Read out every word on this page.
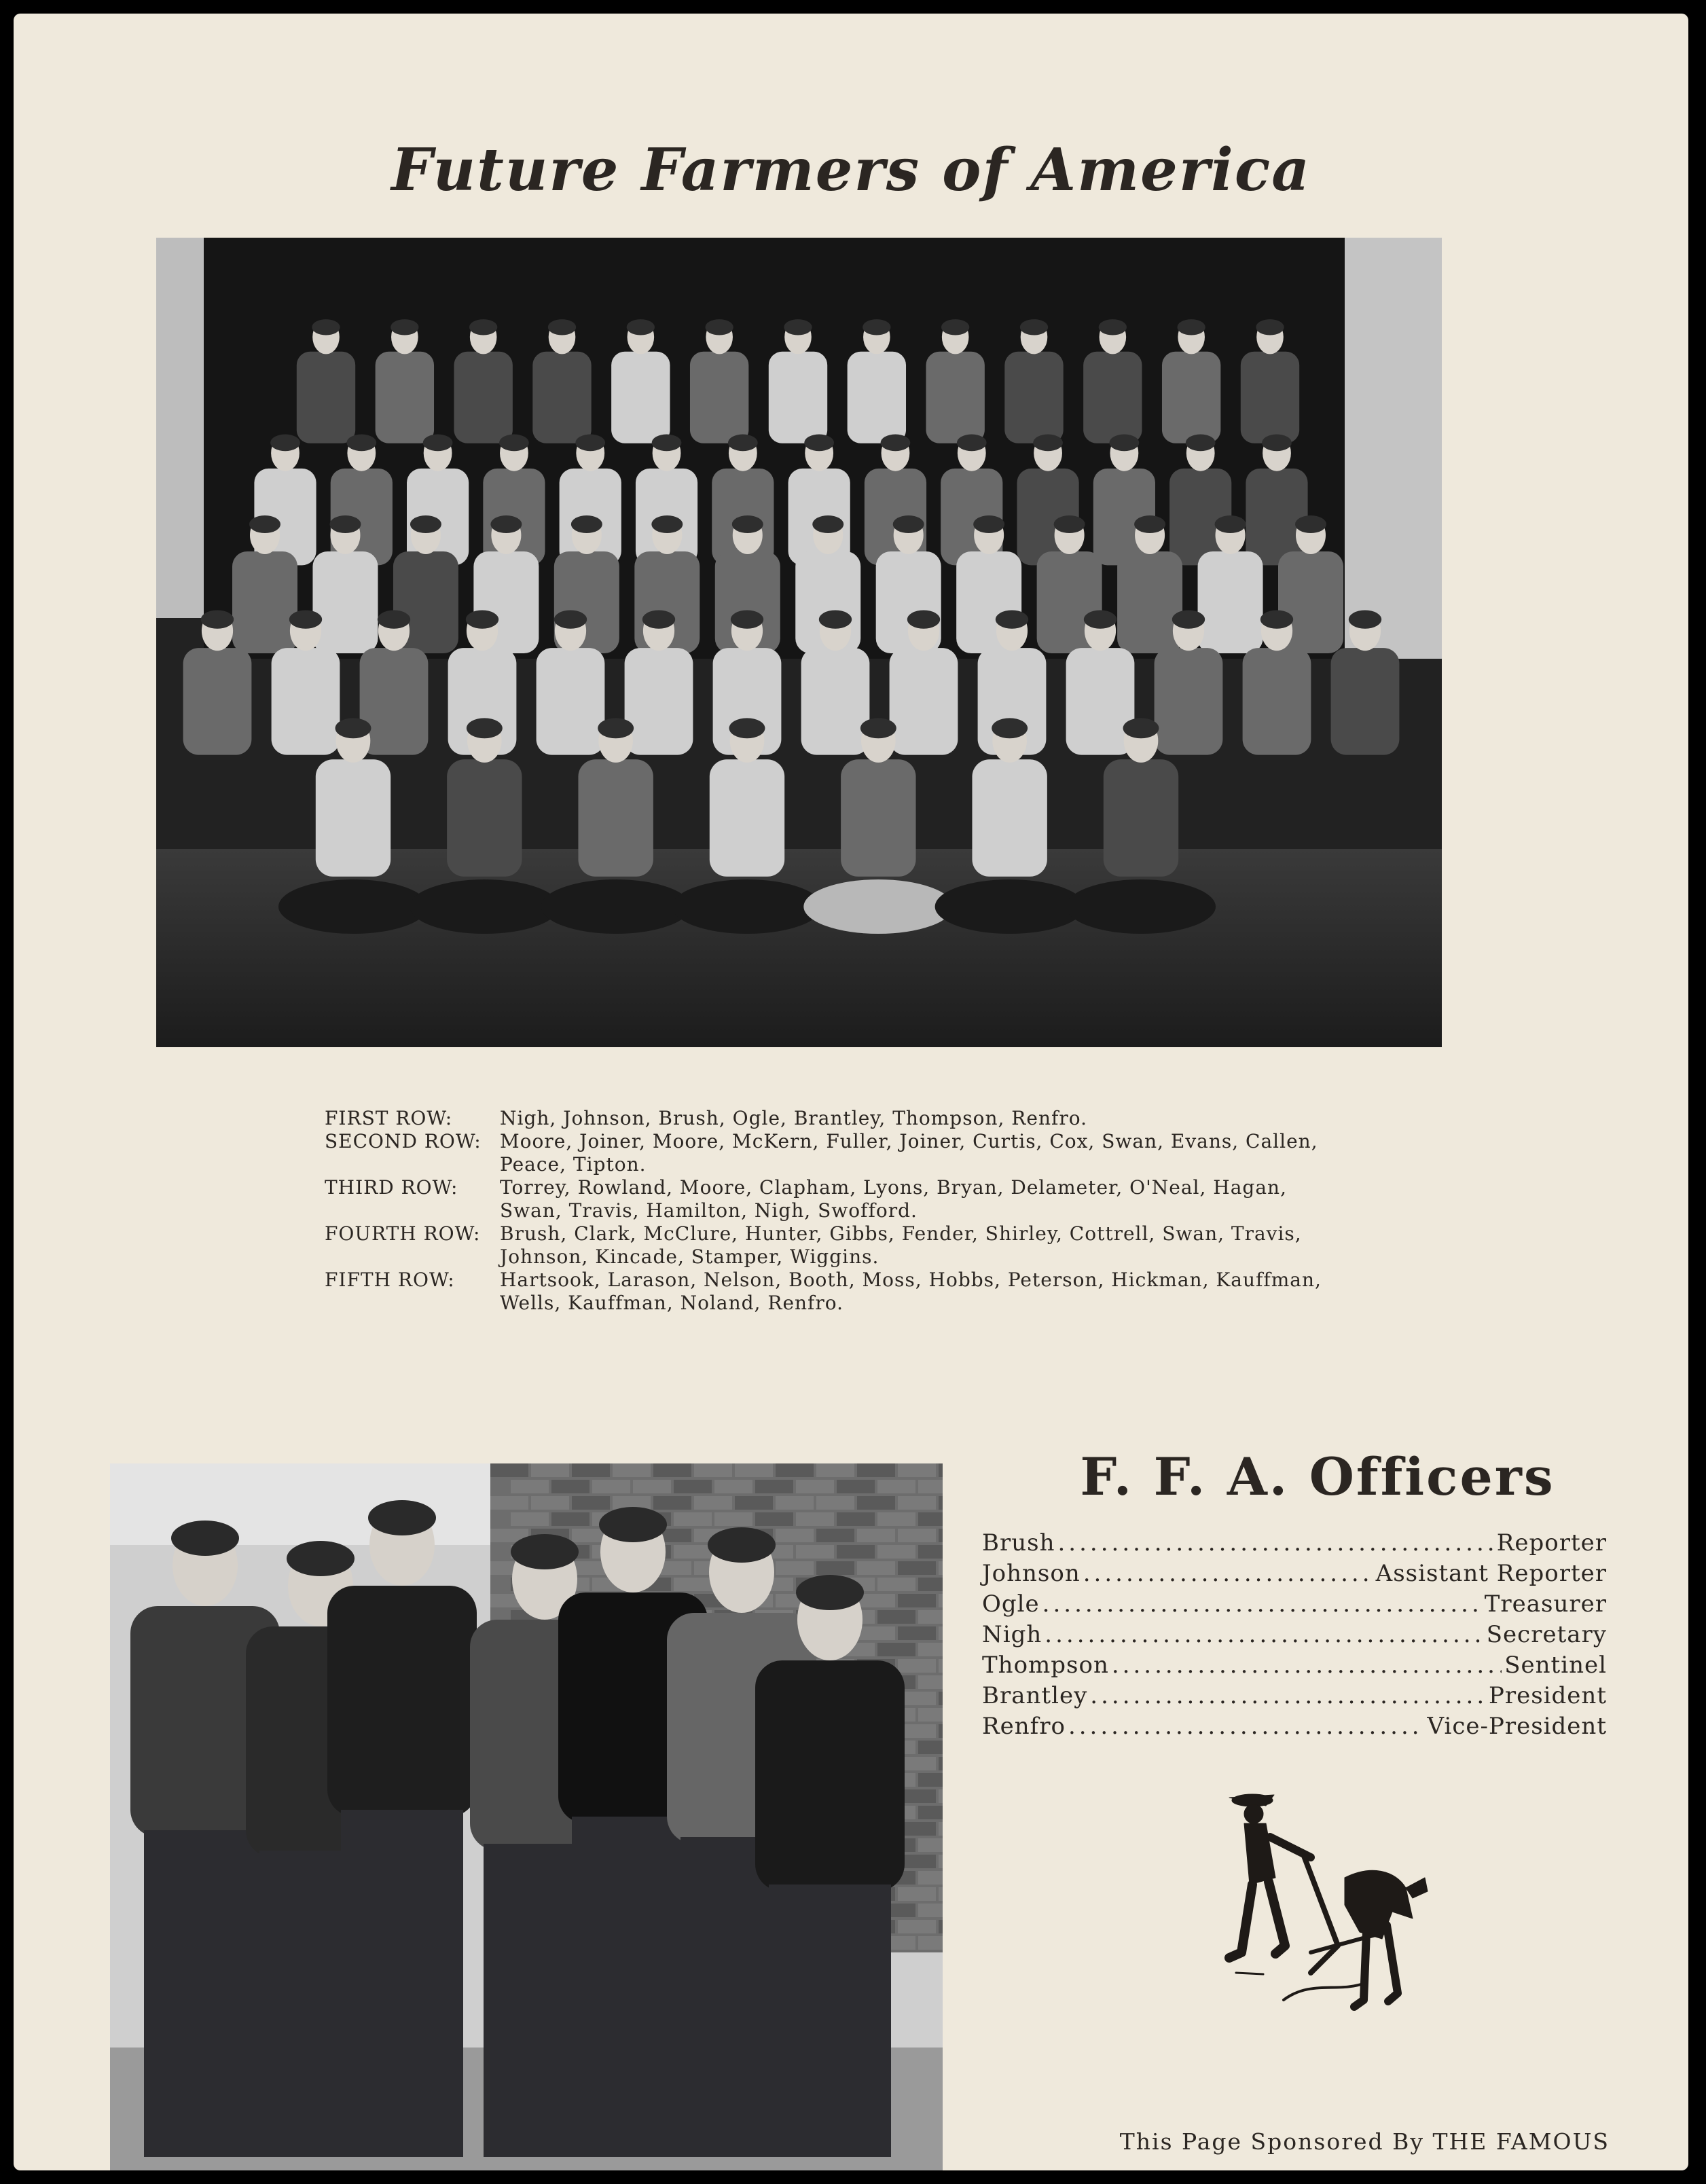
Future Farmers of America
FIRST ROW:	Nigh, Johnson, Brush, Ogle, Brantley, Thompson, Renfro.
SECOND ROW: Moore, Joiner, Moore, McKern, Fuller, Joiner, Curtis, Cox, Swan, Evans, Callen, Peace, Tipton.
THIRD ROW:	Torrey, Rowland, Moore, Clapham, Lyons, Bryan, Delameter, O'Neal, Hagan, Swan, Travis, Hamilton, Nigh, Swofford.
FOURTH ROW:	Brush, Clark, McClure, Hunter, Gibbs, Fender, Shirley, Cottrell, Swan, Travis, Johnson, Kincade, Stamper, Wiggins.
FIFTH ROW:	Hartsook, Larason, Nelson, Booth, Moss, Hobbs, Peterson, Hickman, Kauffman, Wells, Kauffman, Noland, Renfro.
F. F. A. Officers
Brush .....	Reporter
Johnson .....	Assistant Reporter
Ogle .....	Treasurer
Nigh .....	Secretary
Thompson .....	Sentinel
Brantley .....	President
Renfro .....	Vice-President
This Page Sponsored By THE FAMOUS
